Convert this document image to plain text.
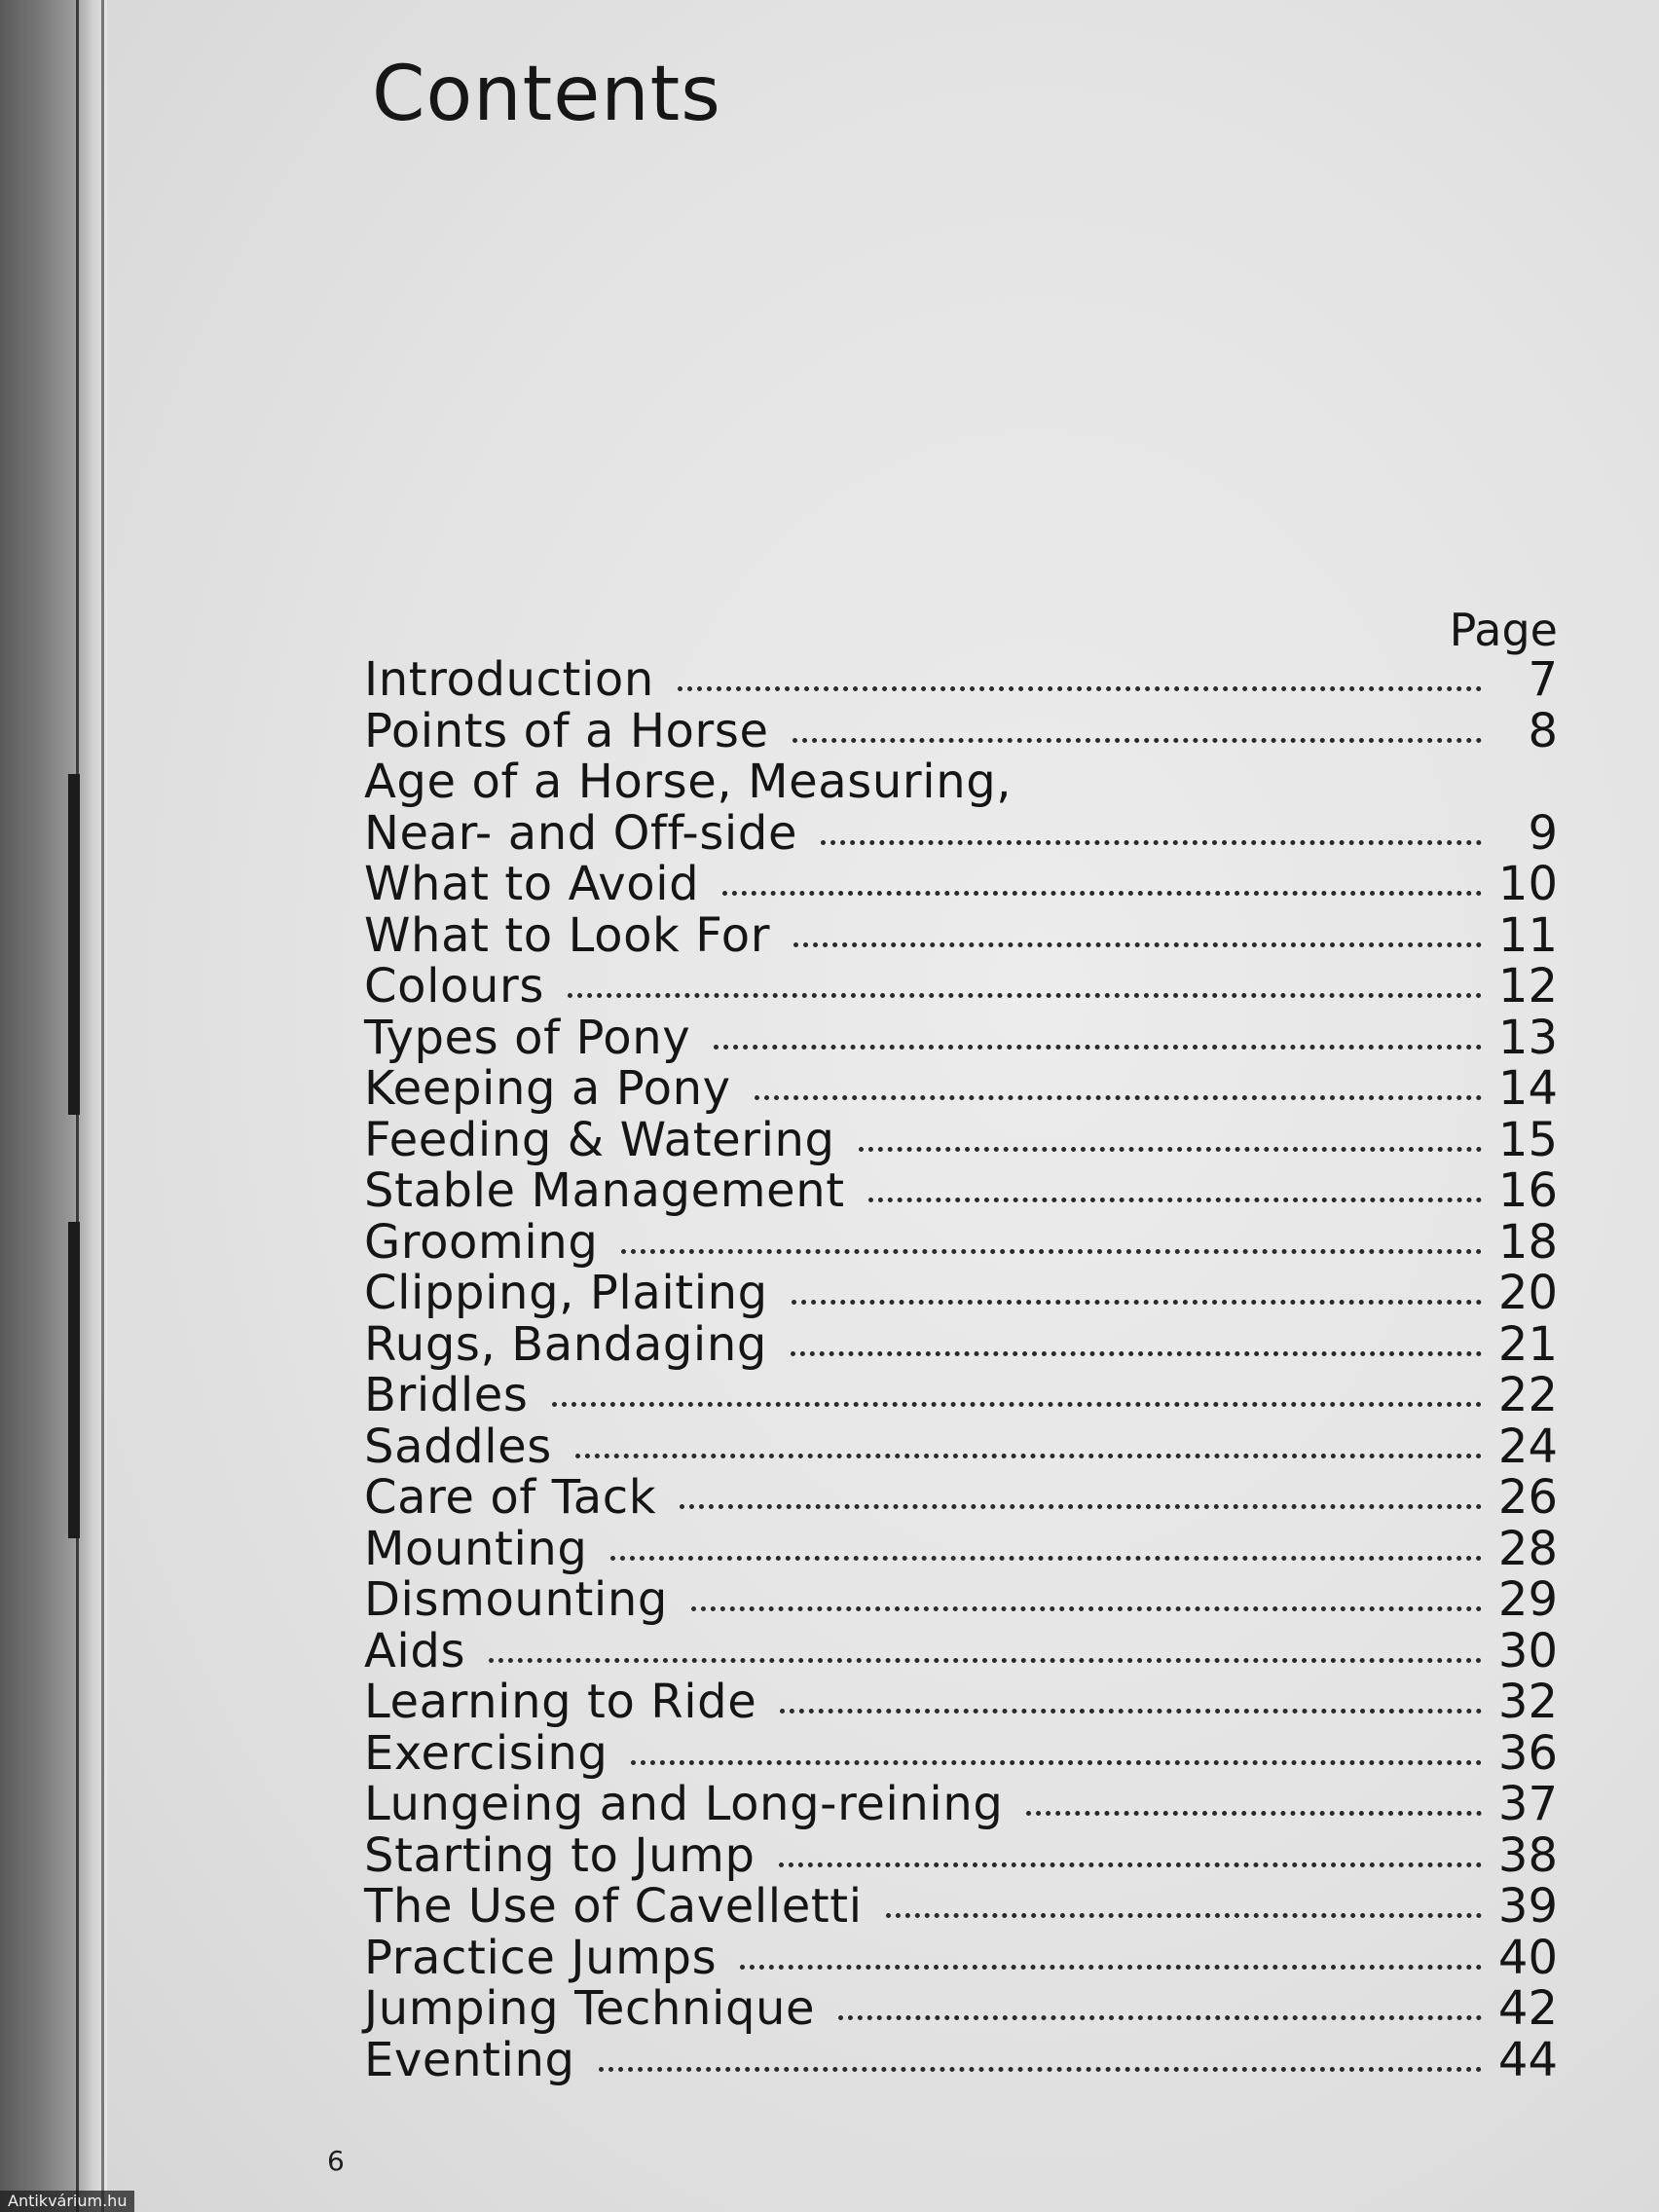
Contents
Page
Introduction	7
Points of a Horse	8
Age of a Horse, Measuring,
Near- and Off-side	9
What to Avoid	10
What to Look For	11
Colours	12
Types of Pony	13
Keeping a Pony	14
Feeding & Watering	15
Stable Management	16
Grooming	18
Clipping, Plaiting	20
Rugs, Bandaging	21
Bridles	22
Saddles	24
Care of Tack	26
Mounting	28
Dismounting	29
Aids	30
Learning to Ride	32
Exercising	36
Lungeing and Long-reining	37
Starting to Jump	38
The Use of Cavelletti	39
Practice Jumps	40
Jumping Technique	42
Eventing	44
6
Antikvárium.hu
